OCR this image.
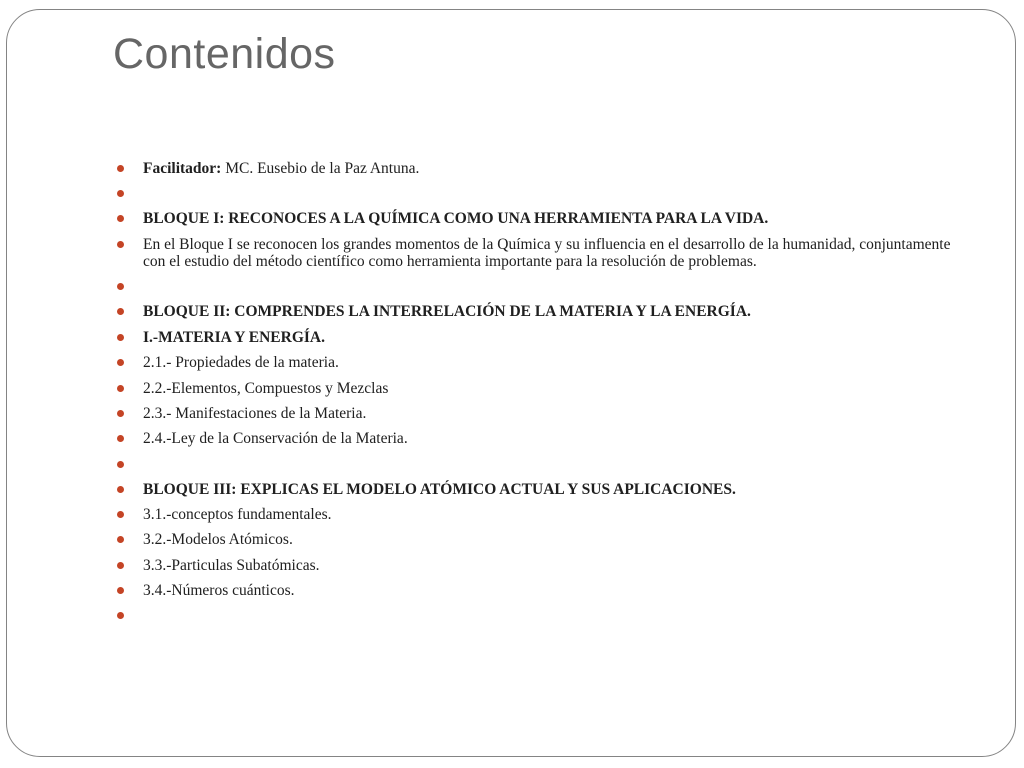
Contenidos
Facilitador: MC. Eusebio de la Paz Antuna.
BLOQUE I: RECONOCES A LA QUÍMICA COMO UNA HERRAMIENTA PARA LA VIDA.
En el Bloque I se reconocen los grandes momentos de la Química y su influencia en el desarrollo de la humanidad, conjuntamente con el estudio del método científico como herramienta importante para la resolución de problemas.
BLOQUE II: COMPRENDES LA INTERRELACIÓN DE LA MATERIA Y LA ENERGÍA.
I.-MATERIA Y ENERGÍA.
2.1.- Propiedades de la materia.
2.2.-Elementos, Compuestos y Mezclas
2.3.- Manifestaciones de la Materia.
2.4.-Ley de la Conservación de la Materia.
BLOQUE III: EXPLICAS EL MODELO ATÓMICO ACTUAL Y SUS APLICACIONES.
3.1.-conceptos fundamentales.
3.2.-Modelos Atómicos.
3.3.-Particulas Subatómicas.
3.4.-Números cuánticos.
